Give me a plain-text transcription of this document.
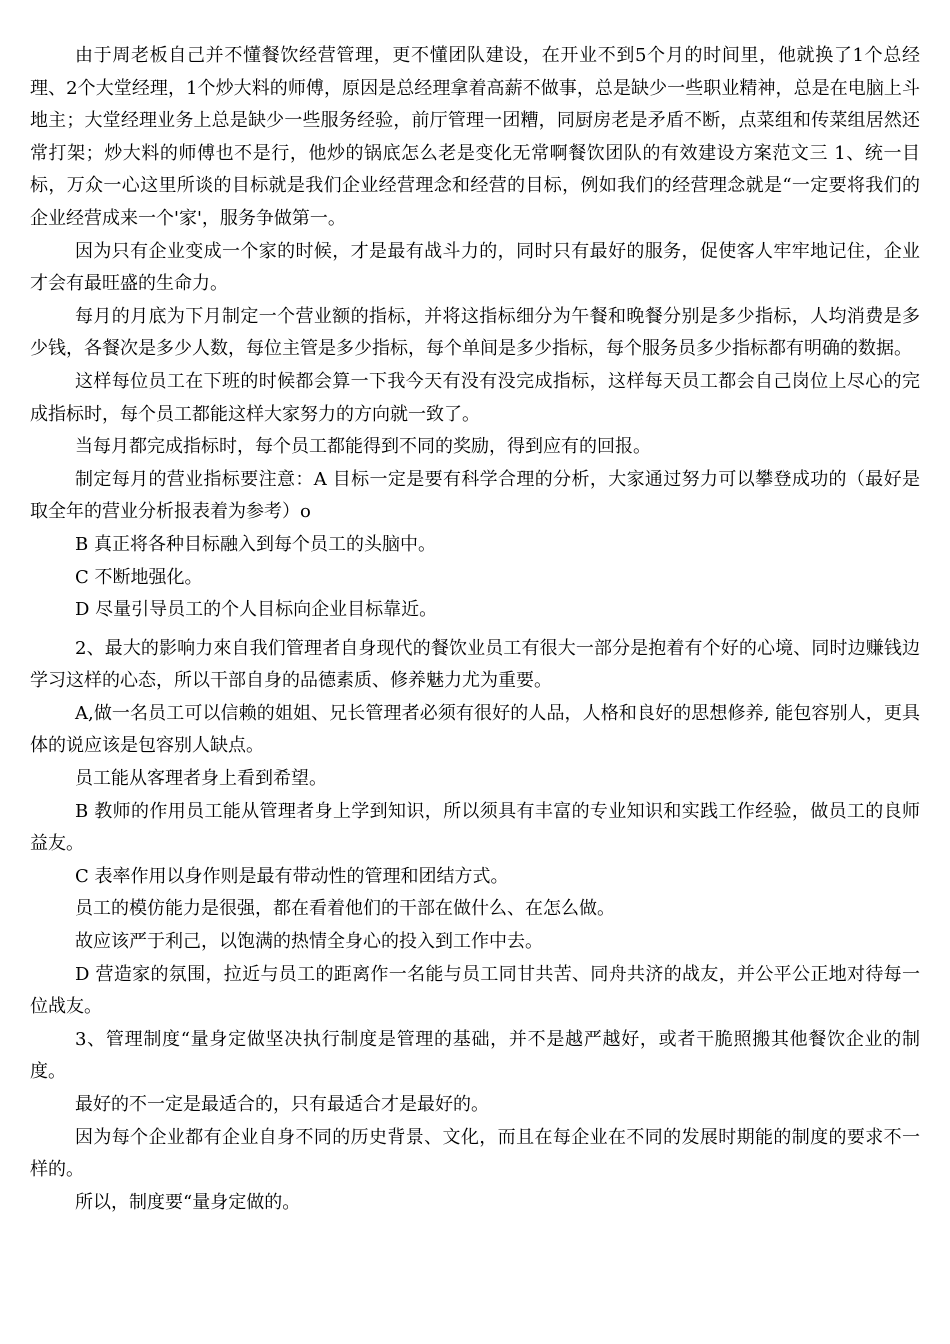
由于周老板自己并不懂餐饮经营管理，更不懂团队建设，在开业不到5个月的时间里，他就换了1个总经理、2个大堂经理，1个炒大料的师傅，原因是总经理拿着高薪不做事，总是缺少一些职业精神，总是在电脑上斗地主；大堂经理业务上总是缺少一些服务经验，前厅管理一团糟，同厨房老是矛盾不断，点菜组和传菜组居然还常打架；炒大料的师傅也不是行，他炒的锅底怎么老是变化无常啊餐饮团队的有效建设方案范文三 1、统一目标，万众一心这里所谈的目标就是我们企业经营理念和经营的目标，例如我们的经营理念就是“一定要将我们的企业经营成来一个'家'，服务争做第一。

因为只有企业变成一个家的时候，才是最有战斗力的，同时只有最好的服务，促使客人牢牢地记住，企业才会有最旺盛的生命力。

每月的月底为下月制定一个营业额的指标，并将这指标细分为午餐和晚餐分别是多少指标，人均消费是多少钱，各餐次是多少人数，每位主管是多少指标，每个单间是多少指标，每个服务员多少指标都有明确的数据。

这样每位员工在下班的时候都会算一下我今天有没有没完成指标，这样每天员工都会自己岗位上尽心的完成指标时，每个员工都能这样大家努力的方向就一致了。

当每月都完成指标时，每个员工都能得到不同的奖励，得到应有的回报。

制定每月的营业指标要注意：A 目标一定是要有科学合理的分析，大家通过努力可以攀登成功的（最好是取全年的营业分析报表着为参考）o

B 真正将各种目标融入到每个员工的头脑中。

C 不断地强化。

D 尽量引导员工的个人目标向企业目标靠近。

2、最大的影响力來自我们管理者自身现代的餐饮业员工有很大一部分是抱着有个好的心境、同时边赚钱边学习这样的心态，所以干部自身的品德素质、修养魅力尤为重要。

A,做一名员工可以信赖的姐姐、兄长管理者必须有很好的人品，人格和良好的思想修养, 能包容别人，更具体的说应该是包容别人缺点。

员工能从客理者身上看到希望。

B 教师的作用员工能从管理者身上学到知识，所以须具有丰富的专业知识和实践工作经验，做员工的良师益友。

C 表率作用以身作则是最有带动性的管理和团结方式。

员工的模仿能力是很强，都在看着他们的干部在做什么、在怎么做。

故应该严于利己，以饱满的热情全身心的投入到工作中去。

D 营造家的氛围，拉近与员工的距离作一名能与员工同甘共苦、同舟共济的战友，并公平公正地对待每一位战友。

3、管理制度“量身定做坚决执行制度是管理的基础，并不是越严越好，或者干脆照搬其他餐饮企业的制度。

最好的不一定是最适合的，只有最适合才是最好的。

因为每个企业都有企业自身不同的历史背景、文化，而且在每企业在不同的发展时期能的制度的要求不一样的。

所以，制度要“量身定做的。
